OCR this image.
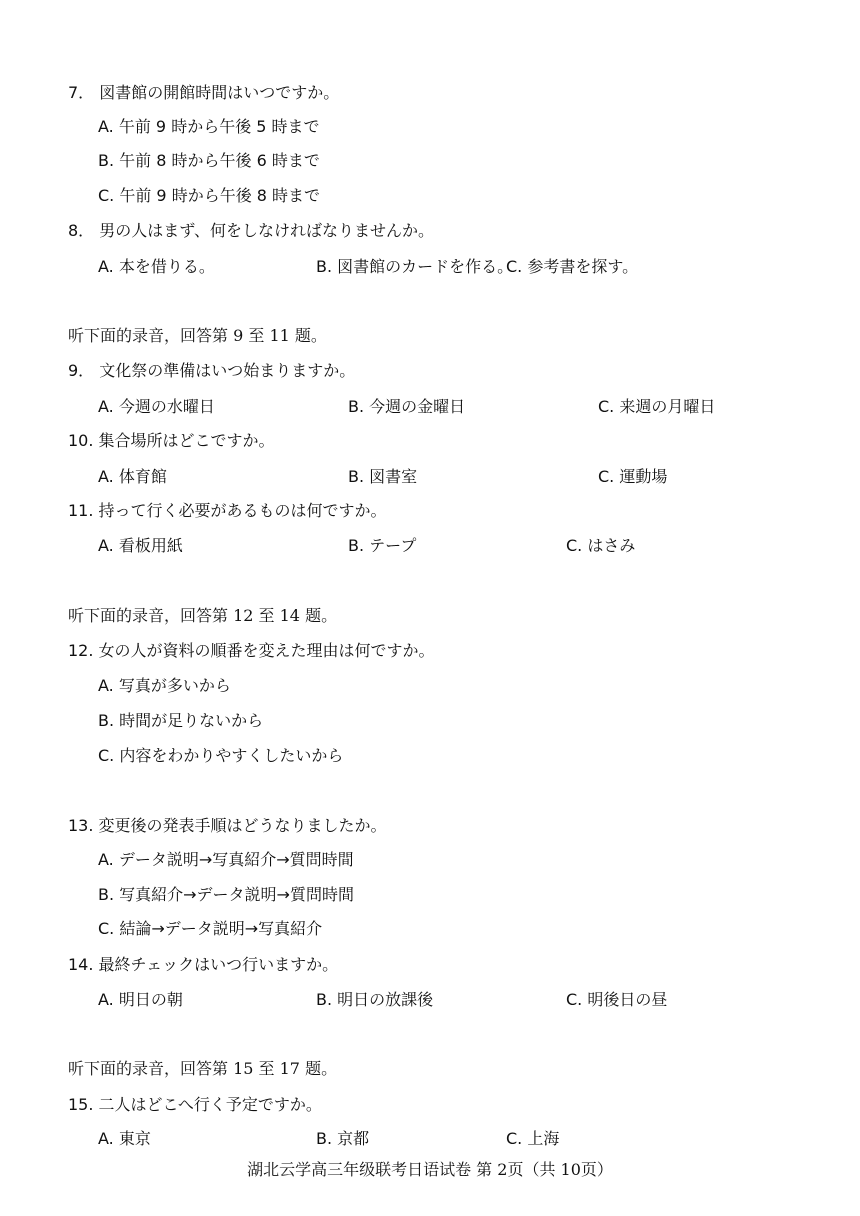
7． 図書館の開館時間はいつですか。
A. 午前 9 時から午後 5 時まで
B. 午前 8 時から午後 6 時まで
C. 午前 9 時から午後 8 時まで
8． 男の人はまず、何をしなければなりませんか。
A. 本を借りる。	B. 図書館のカードを作る。
C. 参考書を探す。
听下面的录音，回答第 9 至 11 题。
9． 文化祭の準備はいつ始まりますか。
A. 今週の水曜日	B. 今週の金曜日	C. 来週の月曜日
10. 集合場所はどこですか。
A. 体育館	B. 図書室	C. 運動場
11. 持って行く必要があるものは何ですか。
A. 看板用紙	B. テープ	C. はさみ
听下面的录音，回答第 12 至 14 题。
12. 女の人が資料の順番を変えた理由は何ですか。
A. 写真が多いから
B. 時間が足りないから
C. 内容をわかりやすくしたいから
13. 変更後の発表手順はどうなりましたか。
A. データ説明→写真紹介→質問時間
B. 写真紹介→データ説明→質問時間
C. 結論→データ説明→写真紹介
14. 最終チェックはいつ行いますか。
A. 明日の朝	B. 明日の放課後	C. 明後日の昼
听下面的录音，回答第 15 至 17 题。
15. 二人はどこへ行く予定ですか。
A. 東京	B. 京都	C. 上海
湖北云学高三年级联考日语试卷 第 2页（共 10页）
